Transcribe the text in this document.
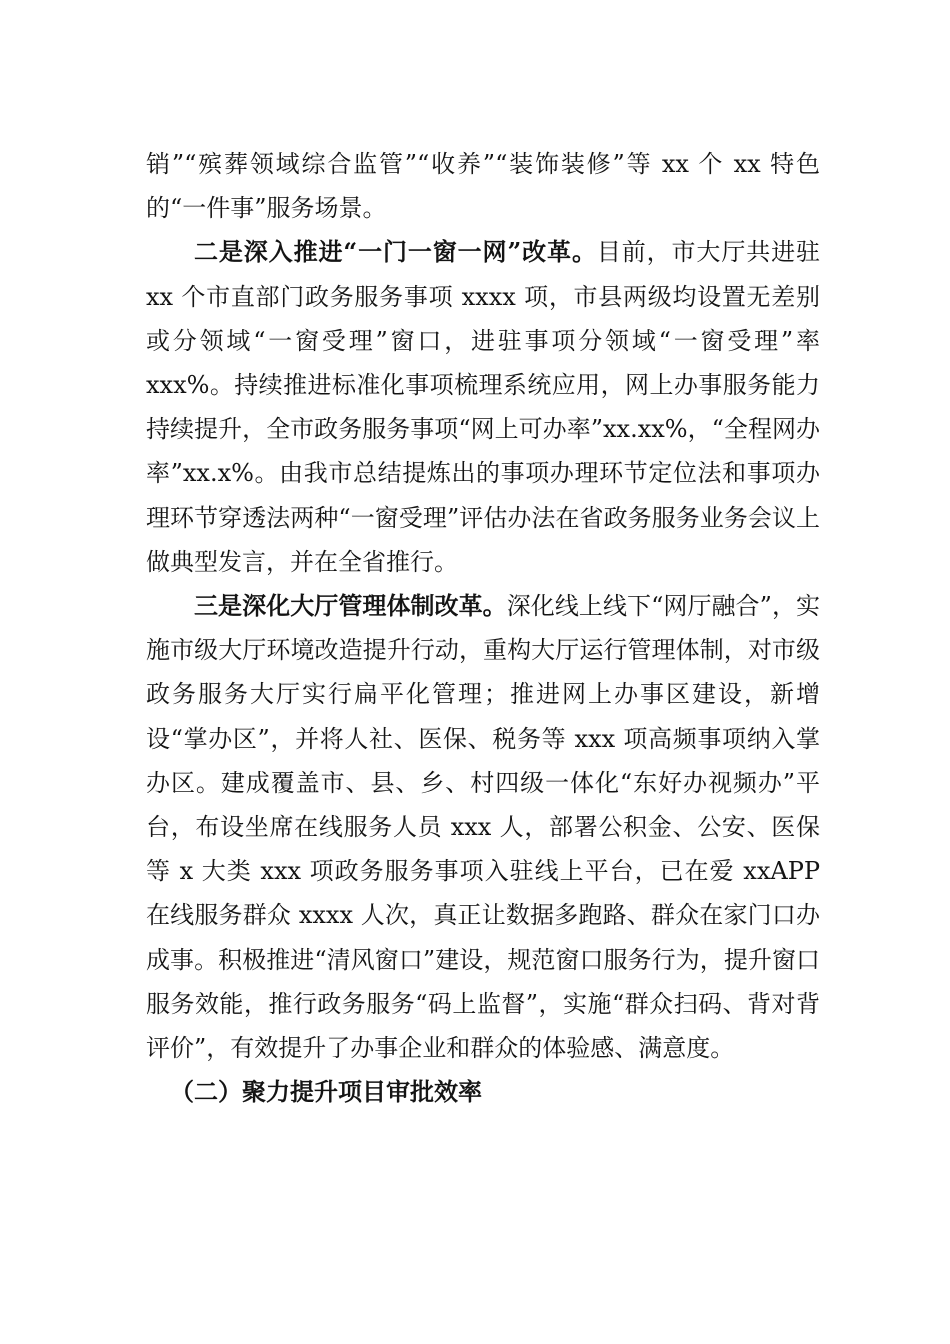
销”“殡葬领域综合监管”“收养”“装饰装修”等 xx 个 xx 特色的“一件事”服务场景。

二是深入推进“一门一窗一网”改革。目前，市大厅共进驻 xx 个市直部门政务服务事项 xxxx 项，市县两级均设置无差别或分领域“一窗受理”窗口，进驻事项分领域“一窗受理”率 xxx%。持续推进标准化事项梳理系统应用，网上办事服务能力持续提升，全市政务服务事项“网上可办率”xx.xx%，“全程网办率”xx.x%。由我市总结提炼出的事项办理环节定位法和事项办理环节穿透法两种“一窗受理”评估办法在省政务服务业务会议上做典型发言，并在全省推行。

三是深化大厅管理体制改革。深化线上线下“网厅融合”，实施市级大厅环境改造提升行动，重构大厅运行管理体制，对市级政务服务大厅实行扁平化管理；推进网上办事区建设，新增设“掌办区”，并将人社、医保、税务等 xxx 项高频事项纳入掌办区。建成覆盖市、县、乡、村四级一体化“东好办视频办”平台，布设坐席在线服务人员 xxx 人，部署公积金、公安、医保等 x 大类 xxx 项政务服务事项入驻线上平台，已在爱 xxAPP 在线服务群众 xxxx 人次，真正让数据多跑路、群众在家门口办成事。积极推进“清风窗口”建设，规范窗口服务行为，提升窗口服务效能，推行政务服务“码上监督”，实施“群众扫码、背对背评价”，有效提升了办事企业和群众的体验感、满意度。

（二）聚力提升项目审批效率
